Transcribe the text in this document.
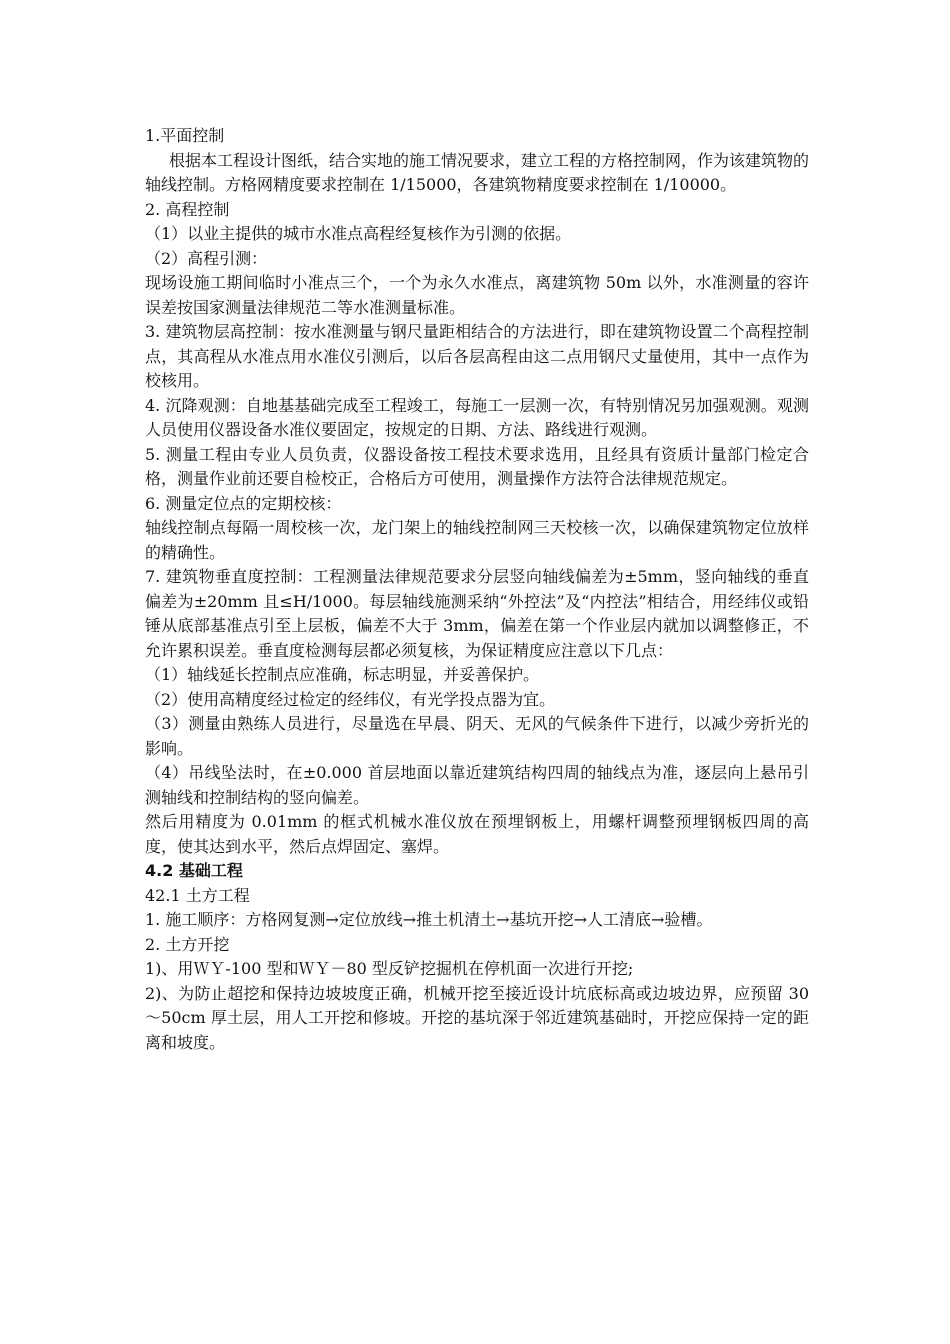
1.平面控制

根据本工程设计图纸，结合实地的施工情况要求，建立工程的方格控制网，作为该建筑物的轴线控制。方格网精度要求控制在 1/15000，各建筑物精度要求控制在 1/10000。

2. 高程控制

（1）以业主提供的城市水准点高程经复核作为引测的依据。

（2）高程引测：

现场设施工期间临时小准点三个，一个为永久水准点，离建筑物 50m 以外，水准测量的容许误差按国家测量法律规范二等水准测量标准。

3. 建筑物层高控制：按水准测量与钢尺量距相结合的方法进行，即在建筑物设置二个高程控制点，其高程从水准点用水准仪引测后，以后各层高程由这二点用钢尺丈量使用，其中一点作为校核用。

4. 沉降观测：自地基基础完成至工程竣工，每施工一层测一次，有特别情况另加强观测。观测人员使用仪器设备水准仪要固定，按规定的日期、方法、路线进行观测。

5. 测量工程由专业人员负责，仪器设备按工程技术要求选用，且经具有资质计量部门检定合格，测量作业前还要自检校正，合格后方可使用，测量操作方法符合法律规范规定。

6. 测量定位点的定期校核：

轴线控制点每隔一周校核一次，龙门架上的轴线控制网三天校核一次，以确保建筑物定位放样的精确性。

7. 建筑物垂直度控制：工程测量法律规范要求分层竖向轴线偏差为±5mm，竖向轴线的垂直偏差为±20mm 且≤H/1000。每层轴线施测采纳“外控法”及“内控法”相结合，用经纬仪或铅锤从底部基准点引至上层板，偏差不大于 3mm，偏差在第一个作业层内就加以调整修正，不允许累积误差。垂直度检测每层都必须复核，为保证精度应注意以下几点：

（1）轴线延长控制点应准确，标志明显，并妥善保护。

（2）使用高精度经过检定的经纬仪，有光学投点器为宜。

（3）测量由熟练人员进行，尽量选在早晨、阴天、无风的气候条件下进行，以减少旁折光的影响。

（4）吊线坠法时，在±0.000 首层地面以靠近建筑结构四周的轴线点为准，逐层向上悬吊引测轴线和控制结构的竖向偏差。

然后用精度为 0.01mm 的框式机械水准仪放在预埋钢板上，用螺杆调整预埋钢板四周的高度，使其达到水平，然后点焊固定、塞焊。

4.2 基础工程

42.1 土方工程

1. 施工顺序：方格网复测→定位放线→推土机清土→基坑开挖→人工清底→验槽。

2. 土方开挖

1)、用ＷＹ-100 型和ＷＹ－80 型反铲挖掘机在停机面一次进行开挖;

2)、为防止超挖和保持边坡坡度正确，机械开挖至接近设计坑底标高或边坡边界，应预留 30～50cm 厚土层，用人工开挖和修坡。开挖的基坑深于邻近建筑基础时，开挖应保持一定的距离和坡度。
